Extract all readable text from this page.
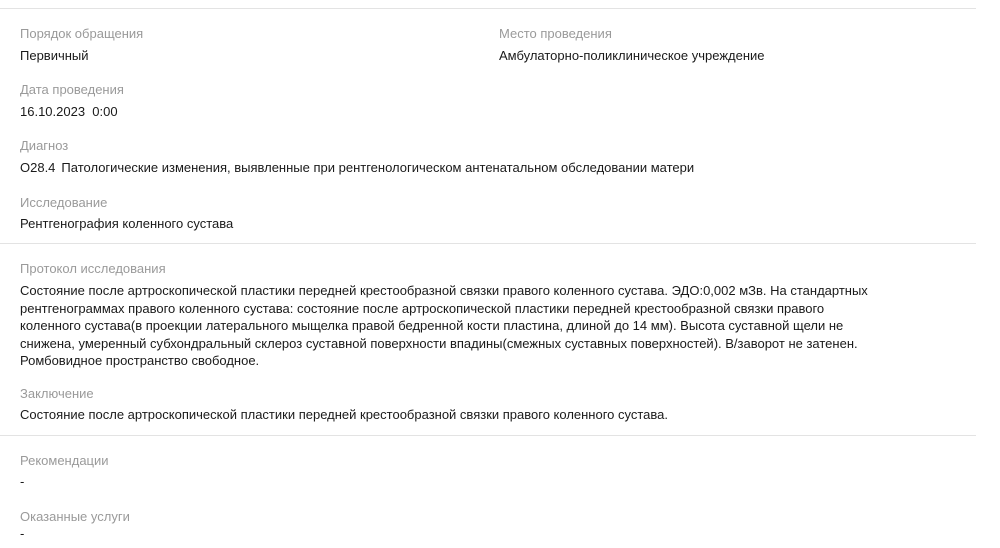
Порядок обращения
Первичный
Место проведения
Амбулаторно-поликлиническое учреждение
Дата проведения
16.10.2023  0:00
Диагноз
O28.4 Патологические изменения, выявленные при рентгенологическом антенатальном обследовании матери
Исследование
Рентгенография коленного сустава
Протокол исследования
Состояние после артроскопической пластики передней крестообразной связки правого коленного сустава. ЭДО:0,002 мЗв. На стандартных
рентгенограммах правого коленного сустава: состояние после артроскопической пластики передней крестообразной связки правого
коленного сустава(в проекции латерального мыщелка правой бедренной кости пластина, длиной до 14 мм). Высота суставной щели не
снижена, умеренный субхондральный склероз суставной поверхности впадины(смежных суставных поверхностей). В/заворот не затенен.
Ромбовидное пространство свободное.
Заключение
Состояние после артроскопической пластики передней крестообразной связки правого коленного сустава.
Рекомендации
-
Оказанные услуги
-
